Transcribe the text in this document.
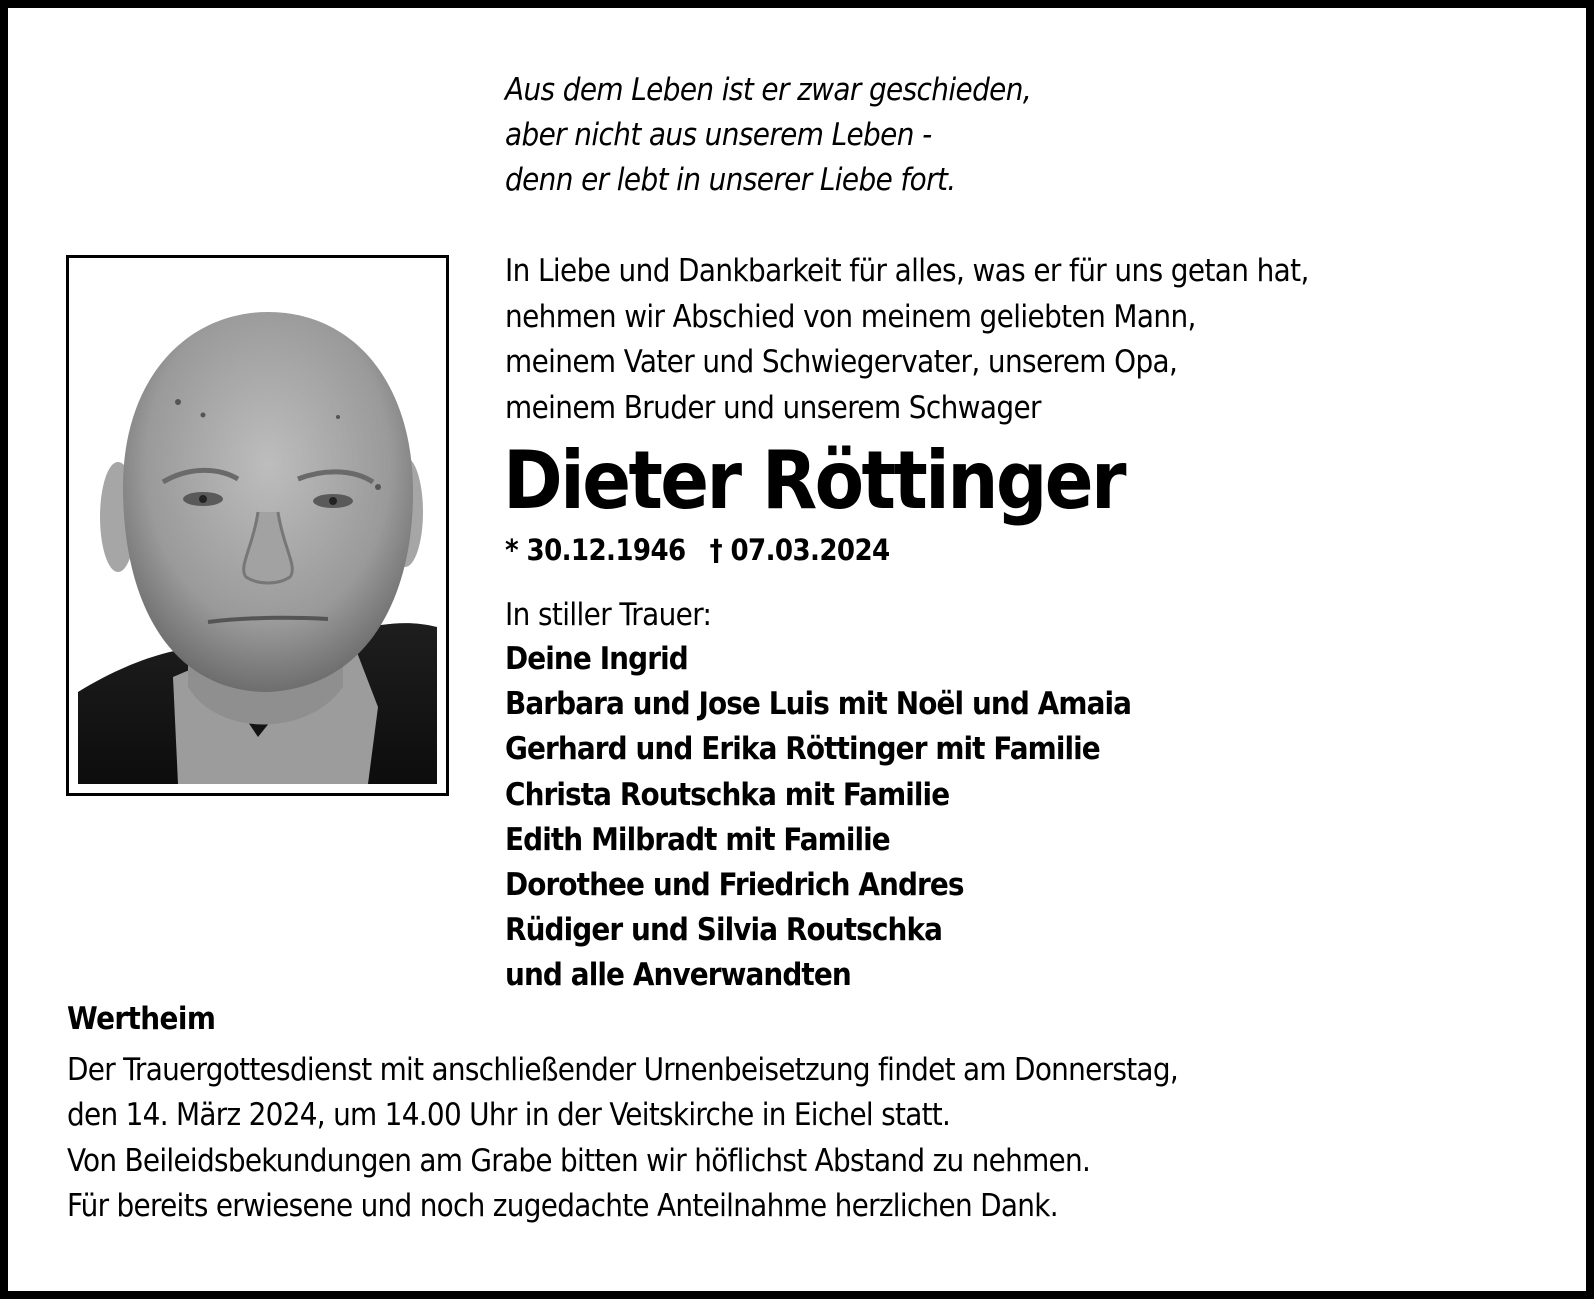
Aus dem Leben ist er zwar geschieden,
aber nicht aus unserem Leben -
denn er lebt in unserer Liebe fort.
In Liebe und Dankbarkeit für alles, was er für uns getan hat,
nehmen wir Abschied von meinem geliebten Mann,
meinem Vater und Schwiegervater, unserem Opa,
meinem Bruder und unserem Schwager
Dieter Röttinger
* 30.12.1946 † 07.03.2024
In stiller Trauer:
Deine Ingrid
Barbara und Jose Luis mit Noël und Amaia
Gerhard und Erika Röttinger mit Familie
Christa Routschka mit Familie
Edith Milbradt mit Familie
Dorothee und Friedrich Andres
Rüdiger und Silvia Routschka
und alle Anverwandten
Wertheim
Der Trauergottesdienst mit anschließender Urnenbeisetzung findet am Donnerstag,
den 14. März 2024, um 14.00 Uhr in der Veitskirche in Eichel statt.
Von Beileidsbekundungen am Grabe bitten wir höflichst Abstand zu nehmen.
Für bereits erwiesene und noch zugedachte Anteilnahme herzlichen Dank.
